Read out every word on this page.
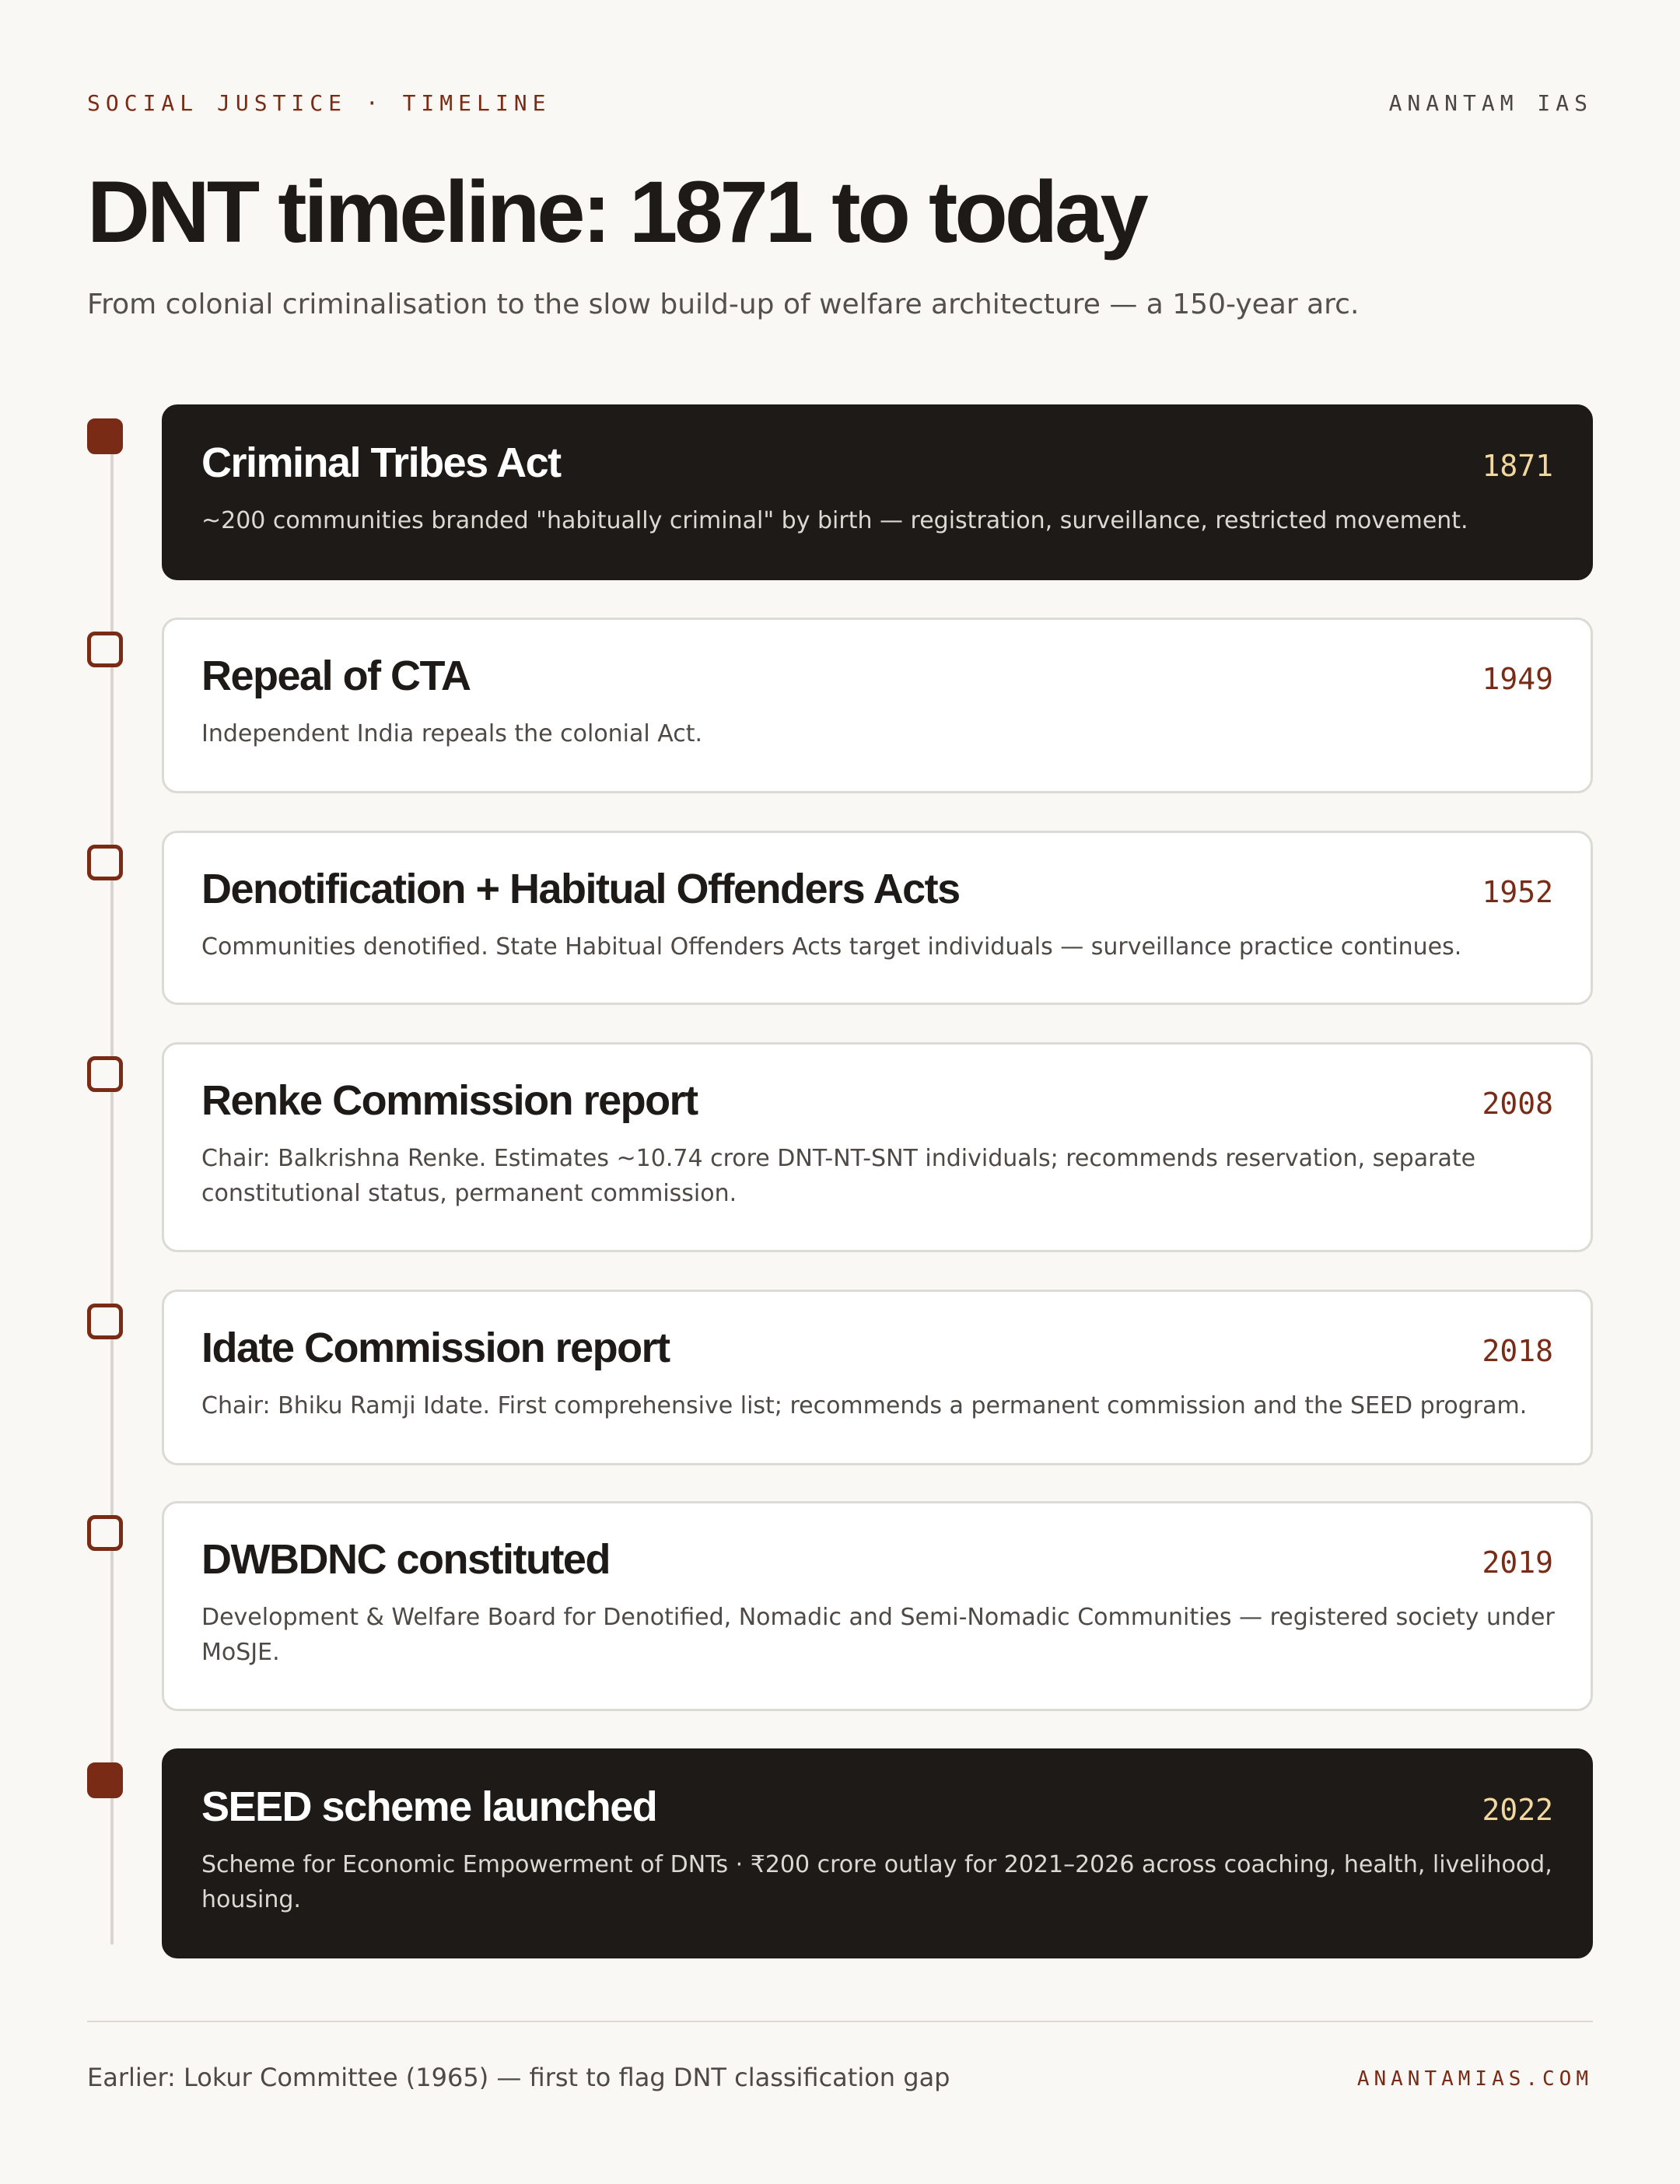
SOCIAL JUSTICE · TIMELINE	ANANTAM IAS
DNT timeline: 1871 to today
From colonial criminalisation to the slow build-up of welfare architecture — a 150-year arc.
Criminal Tribes Act	1871
~200 communities branded "habitually criminal" by birth — registration, surveillance, restricted movement.
Repeal of CTA	1949
Independent India repeals the colonial Act.
Denotification + Habitual Offenders Acts	1952
Communities denotified. State Habitual Offenders Acts target individuals — surveillance practice continues.
Renke Commission report	2008
Chair: Balkrishna Renke. Estimates ~10.74 crore DNT-NT-SNT individuals; recommends reservation, separate constitutional status, permanent commission.
Idate Commission report	2018
Chair: Bhiku Ramji Idate. First comprehensive list; recommends a permanent commission and the SEED program.
DWBDNC constituted	2019
Development & Welfare Board for Denotified, Nomadic and Semi-Nomadic Communities — registered society under MoSJE.
SEED scheme launched	2022
Scheme for Economic Empowerment of DNTs · ₹200 crore outlay for 2021–2026 across coaching, health, livelihood, housing.
Earlier: Lokur Committee (1965) — first to flag DNT classification gap	ANANTAMIAS.COM
